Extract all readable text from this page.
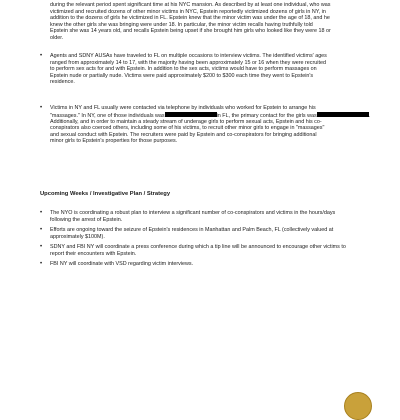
during the relevant period spent significant time at his NYC mansion. As described by at least one individual, who was
victimized and recruited dozens of other minor victims in NYC, Epstein reportedly victimized dozens of girls in NY, in
addition to the dozens of girls he victimized in FL. Epstein knew that the minor victim was under the age of 18, and he
knew the other girls she was bringing were under 18. In particular, the minor victim recalls having truthfully told
Epstein she was 14 years old, and recalls Epstein being upset if she brought him girls who looked like they were 18 or
older.
• Agents and SDNY AUSAs have traveled to FL on multiple occasions to interview victims. The identified victims' ages
ranged from approximately 14 to 17, with the majority having been approximately 15 or 16 when they were recruited
to perform sex acts for and with Epstein. In addition to the sex acts, victims would have to perform massages on
Epstein nude or partially nude. Victims were paid approximately $200 to $300 each time they went to Epstein's
residence.
• Victims in NY and FL usually were contacted via telephone by individuals who worked for Epstein to arrange his
"massages." In NY, one of those individuals was	in FL, the primary contact for the girls was	.
Additionally, and in order to maintain a steady stream of underage girls to perform sexual acts, Epstein and his co-
conspirators also coerced others, including some of his victims, to recruit other minor girls to engage in "massages"
and sexual conduct with Epstein. The recruiters were paid by Epstein and co-conspirators for bringing additional
minor girls to Epstein's properties for those purposes.
Upcoming Weeks / Investigative Plan / Strategy
• The NYO is coordinating a robust plan to interview a significant number of co-conspirators and victims in the hours/days
following the arrest of Epstein.
• Efforts are ongoing toward the seizure of Epstein's residences in Manhattan and Palm Beach, FL (collectively valued at
approximately $100M).
• SDNY and FBI NY will coordinate a press conference during which a tip line will be announced to encourage other victims to
report their encounters with Epstein.
• FBI NY will coordinate with VSD regarding victim interviews.
